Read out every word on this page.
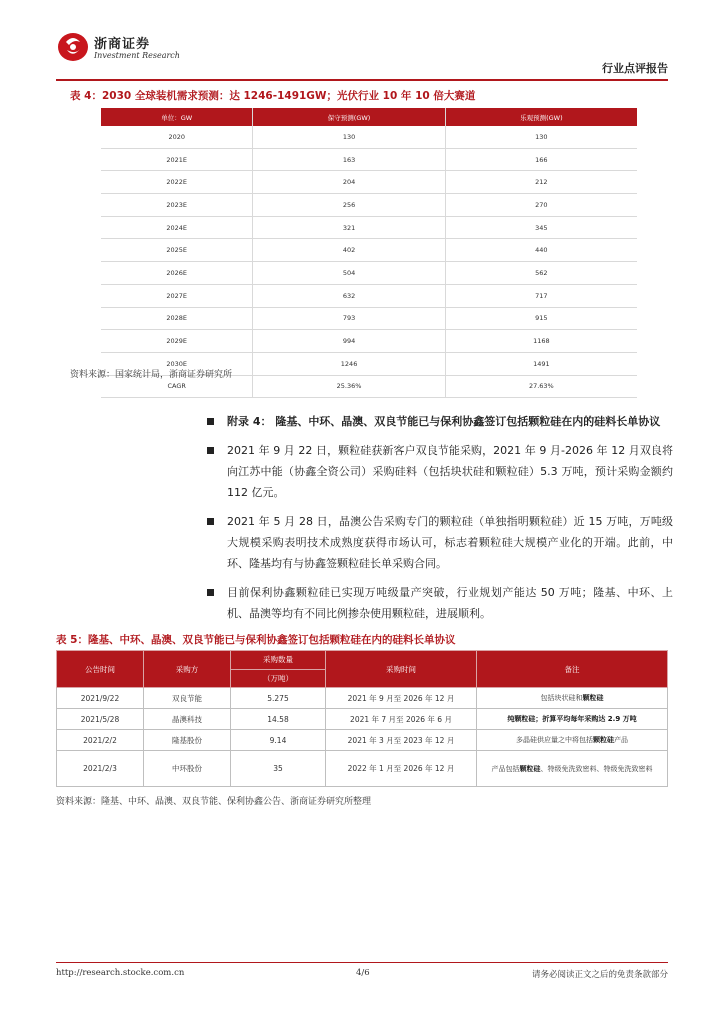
浙商证券
Investment Research
行业点评报告
表 4：2030 全球装机需求预测：达 1246-1491GW；光伏行业 10 年 10 倍大赛道
单位：GW	保守预测(GW)	乐观预测(GW)
2020	130	130
2021E	163	166
2022E	204	212
2023E	256	270
2024E	321	345
2025E	402	440
2026E	504	562
2027E	632	717
2028E	793	915
2029E	994	1168
2030E	1246	1491
CAGR	25.36%	27.63%
资料来源：国家统计局，浙商证券研究所
附录 4： 隆基、中环、晶澳、双良节能已与保利协鑫签订包括颗粒硅在内的硅料长单协议
2021 年 9 月 22 日，颗粒硅获新客户双良节能采购，2021 年 9 月-2026 年 12 月双良将向江苏中能（协鑫全资公司）采购硅料（包括块状硅和颗粒硅）5.3 万吨，预计采购金额约 112 亿元。
2021 年 5 月 28 日，晶澳公告采购专门的颗粒硅（单独指明颗粒硅）近 15 万吨，万吨级大规模采购表明技术成熟度获得市场认可，标志着颗粒硅大规模产业化的开端。此前，中环、隆基均有与协鑫签颗粒硅长单采购合同。
目前保利协鑫颗粒硅已实现万吨级量产突破，行业规划产能达 50 万吨；隆基、中环、上机、晶澳等均有不同比例掺杂使用颗粒硅，进展顺利。
表 5：隆基、中环、晶澳、双良节能已与保利协鑫签订包括颗粒硅在内的硅料长单协议
公告时间	采购方	采购数量	采购时间	备注
		（万吨）		
2021/9/22	双良节能	5.275	2021 年 9 月至 2026 年 12 月	包括块状硅和颗粒硅
2021/5/28	晶澳科技	14.58	2021 年 7 月至 2026 年 6 月	纯颗粒硅；折算平均每年采购达 2.9 万吨
2021/2/2	隆基股份	9.14	2021 年 3 月至 2023 年 12 月	多晶硅供应量之中将包括颗粒硅产品
2021/2/3	中环股份	35	2022 年 1 月至 2026 年 12 月	产品包括颗粒硅、特级免洗致密料、特级免洗致密料
资料来源：隆基、中环、晶澳、双良节能、保利协鑫公告、浙商证券研究所整理
http://research.stocke.com.cn	4/6	请务必阅读正文之后的免责条款部分
